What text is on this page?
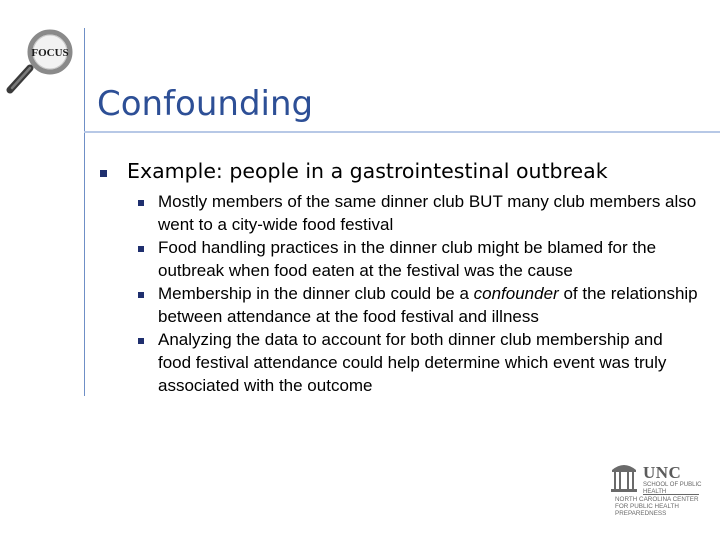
FOCUS
Confounding
Example: people in a gastrointestinal outbreak
Mostly members of the same dinner club BUT many club members also went to a city-wide food festival
Food handling practices in the dinner club might be blamed for the outbreak when food eaten at the festival was the cause
Membership in the dinner club could be a confounder of the relationship between attendance at the food festival and illness
Analyzing the data to account for both dinner club membership and food festival attendance could help determine which event was truly associated with the outcome
UNC
SCHOOL OF PUBLIC HEALTH
NORTH CAROLINA CENTER FOR PUBLIC HEALTH PREPAREDNESS
